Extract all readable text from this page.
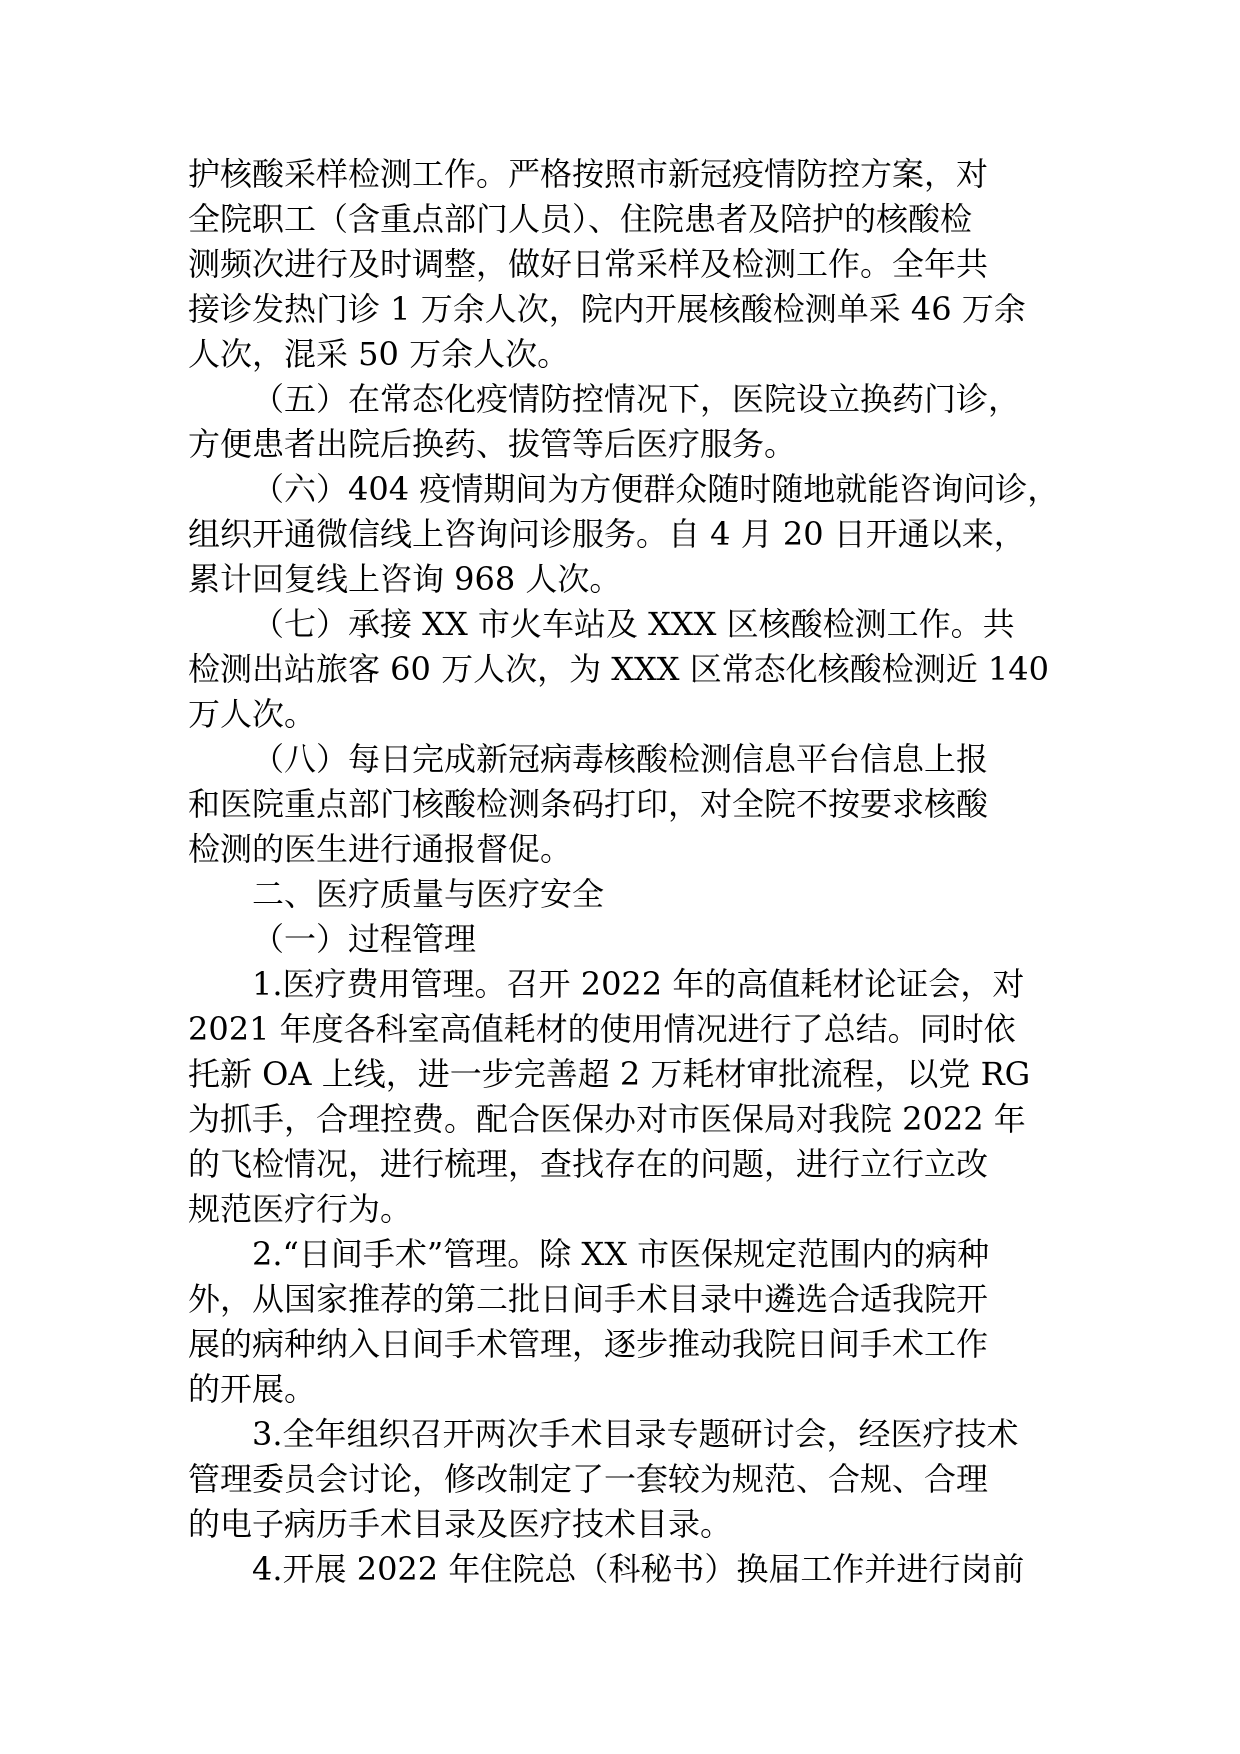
护核酸采样检测工作。严格按照市新冠疫情防控方案，对
全院职工（含重点部门人员）、住院患者及陪护的核酸检
测频次进行及时调整，做好日常采样及检测工作。全年共
接诊发热门诊 1 万余人次，院内开展核酸检测单采 46 万余
人次，混采 50 万余人次。

（五）在常态化疫情防控情况下，医院设立换药门诊，
方便患者出院后换药、拔管等后医疗服务。

（六）404 疫情期间为方便群众随时随地就能咨询问诊，
组织开通微信线上咨询问诊服务。自 4 月 20 日开通以来，
累计回复线上咨询 968 人次。

（七）承接 XX 市火车站及 XXX 区核酸检测工作。共
检测出站旅客 60 万人次，为 XXX 区常态化核酸检测近 140
万人次。

（八）每日完成新冠病毒核酸检测信息平台信息上报
和医院重点部门核酸检测条码打印，对全院不按要求核酸
检测的医生进行通报督促。

二、医疗质量与医疗安全

（一）过程管理

1.医疗费用管理。召开 2022 年的高值耗材论证会，对
2021 年度各科室高值耗材的使用情况进行了总结。同时依
托新 OA 上线，进一步完善超 2 万耗材审批流程，以党 RG
为抓手，合理控费。配合医保办对市医保局对我院 2022 年
的飞检情况，进行梳理，查找存在的问题，进行立行立改
规范医疗行为。

2.“日间手术”管理。除 XX 市医保规定范围内的病种
外，从国家推荐的第二批日间手术目录中遴选合适我院开
展的病种纳入日间手术管理，逐步推动我院日间手术工作
的开展。

3.全年组织召开两次手术目录专题研讨会，经医疗技术
管理委员会讨论，修改制定了一套较为规范、合规、合理
的电子病历手术目录及医疗技术目录。

4.开展 2022 年住院总（科秘书）换届工作并进行岗前
